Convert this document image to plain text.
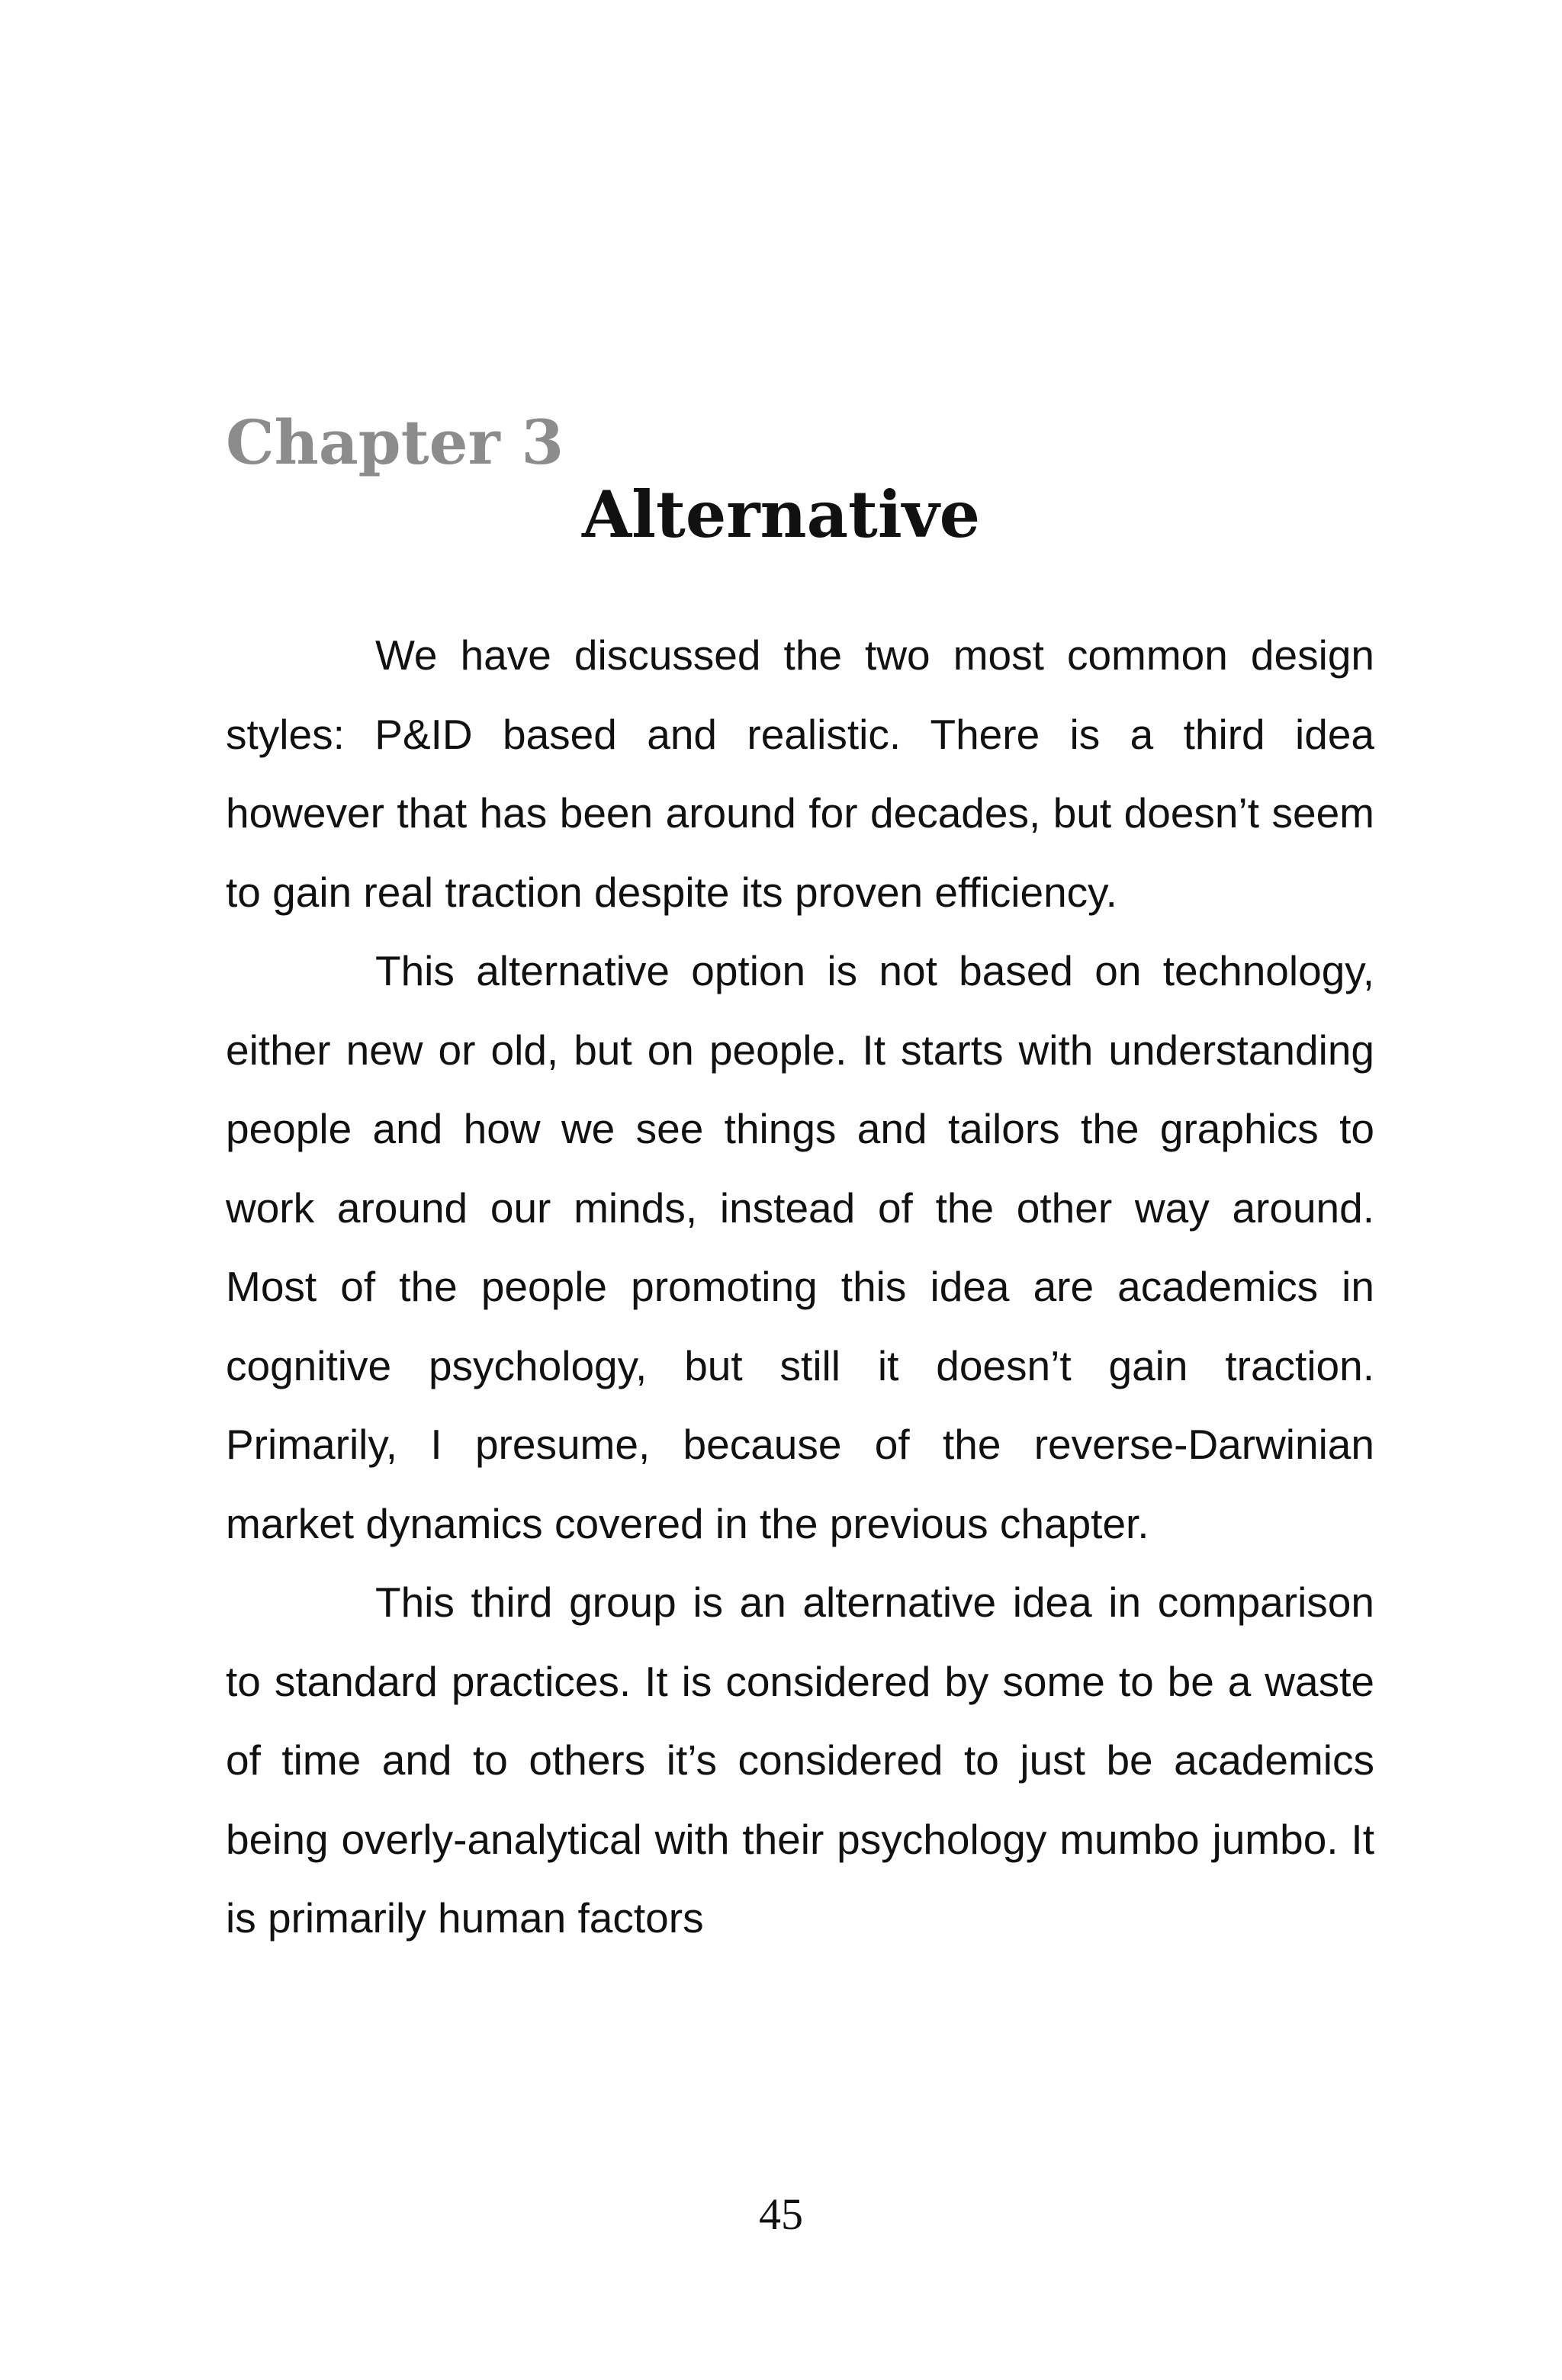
Chapter 3
Alternative

We have discussed the two most common design styles: P&ID based and realistic. There is a third idea however that has been around for decades, but doesn’t seem to gain real traction despite its proven efficiency.

This alternative option is not based on technology, either new or old, but on people. It starts with understanding people and how we see things and tailors the graphics to work around our minds, instead of the other way around. Most of the people promoting this idea are academics in cognitive psychology, but still it doesn’t gain traction. Primarily, I presume, because of the reverse-Darwinian market dynamics covered in the previous chapter.

This third group is an alternative idea in comparison to standard practices. It is considered by some to be a waste of time and to others it’s considered to just be academics being overly-analytical with their psychology mumbo jumbo. It is primarily human factors

45
